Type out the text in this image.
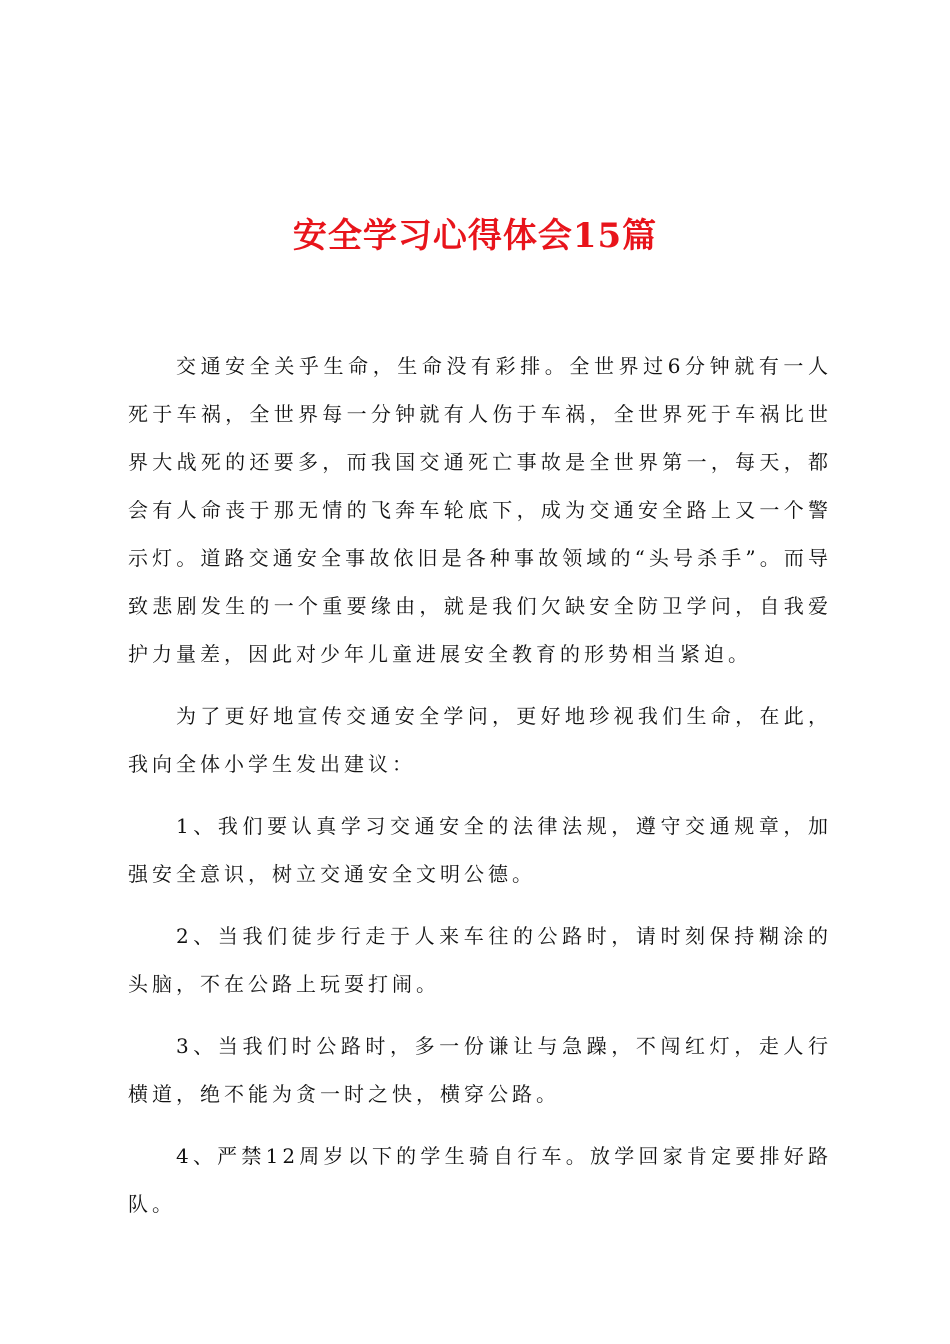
安全学习心得体会15篇

交通安全关乎生命，生命没有彩排。全世界过6分钟就有一人死于车祸，全世界每一分钟就有人伤于车祸，全世界死于车祸比世界大战死的还要多，而我国交通死亡事故是全世界第一，每天，都会有人命丧于那无情的飞奔车轮底下，成为交通安全路上又一个警示灯。道路交通安全事故依旧是各种事故领域的“头号杀手”。而导致悲剧发生的一个重要缘由，就是我们欠缺安全防卫学问，自我爱护力量差，因此对少年儿童进展安全教育的形势相当紧迫。

为了更好地宣传交通安全学问，更好地珍视我们生命，在此，我向全体小学生发出建议：

1、我们要认真学习交通安全的法律法规，遵守交通规章，加强安全意识，树立交通安全文明公德。

2、当我们徒步行走于人来车往的公路时，请时刻保持糊涂的头脑，不在公路上玩耍打闹。

3、当我们时公路时，多一份谦让与急躁，不闯红灯，走人行横道，绝不能为贪一时之快，横穿公路。

4、严禁12周岁以下的学生骑自行车。放学回家肯定要排好路队。
